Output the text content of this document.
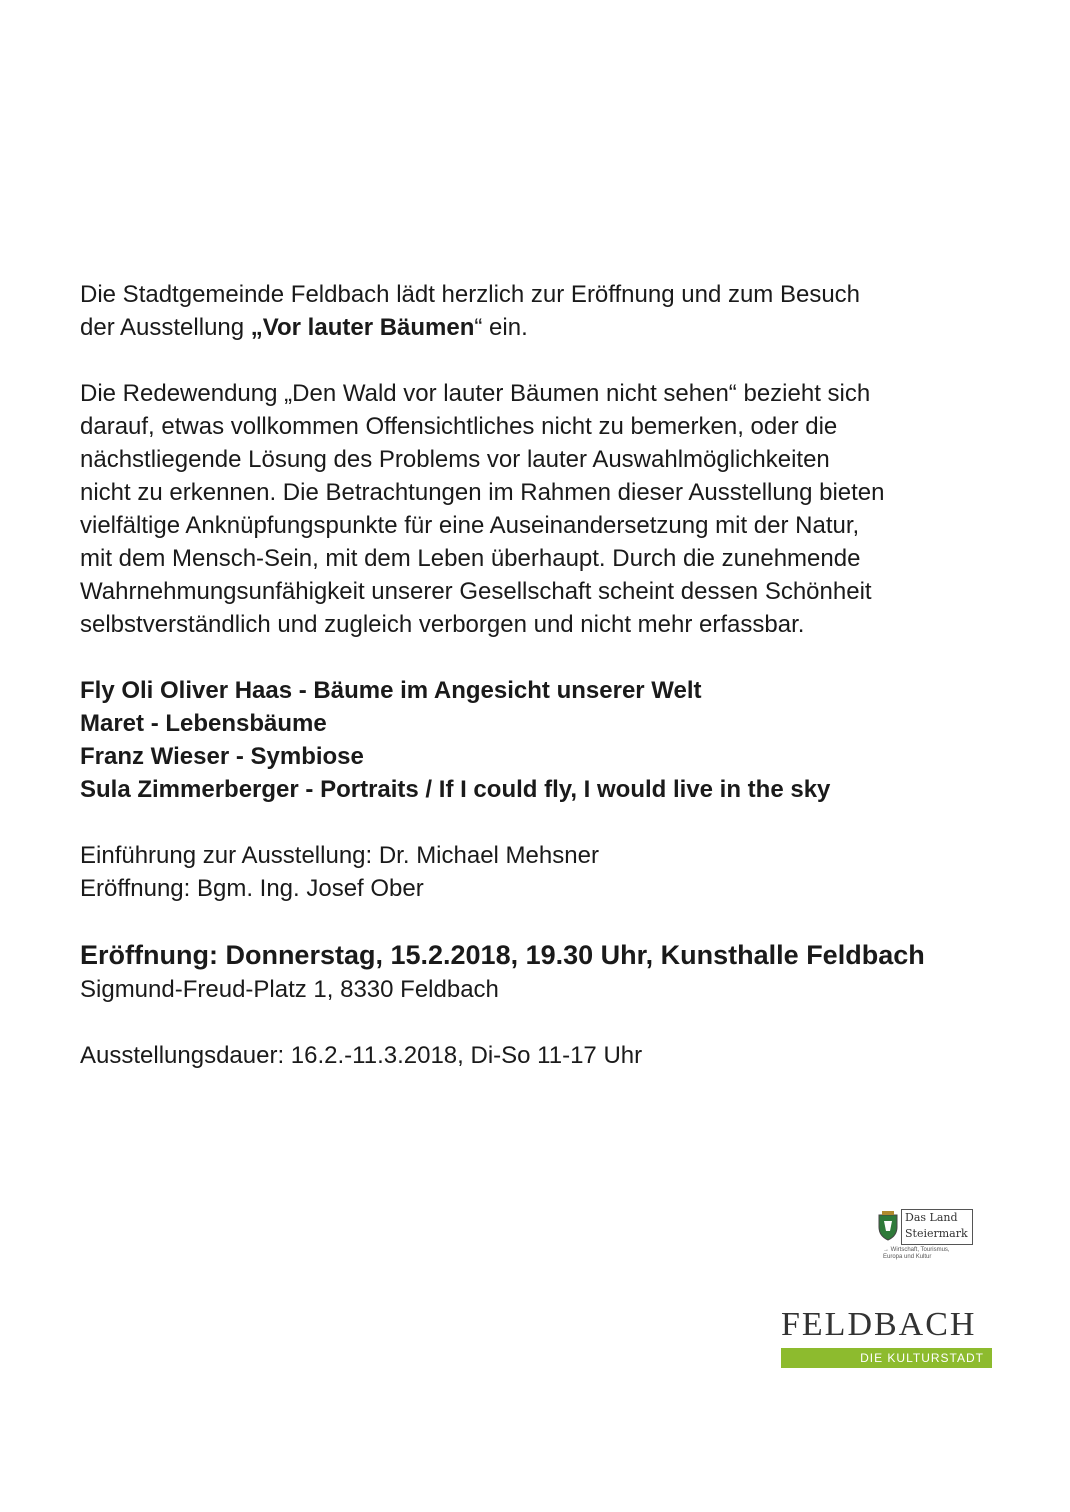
Die Stadtgemeinde Feldbach lädt herzlich zur Eröffnung und zum Besuch

der Ausstellung „Vor lauter Bäumen“ ein.

Die Redewendung „Den Wald vor lauter Bäumen nicht sehen“ bezieht sich

darauf, etwas vollkommen Offensichtliches nicht zu bemerken, oder die

nächstliegende Lösung des Problems vor lauter Auswahlmöglichkeiten

nicht zu erkennen. Die Betrachtungen im Rahmen dieser Ausstellung bieten

vielfältige Anknüpfungspunkte für eine Auseinandersetzung mit der Natur,

mit dem Mensch-Sein, mit dem Leben überhaupt. Durch die zunehmende

Wahrnehmungsunfähigkeit unserer Gesellschaft scheint dessen Schönheit

selbstverständlich und zugleich verborgen und nicht mehr erfassbar.

Fly Oli Oliver Haas - Bäume im Angesicht unserer Welt

Maret - Lebensbäume

Franz Wieser - Symbiose

Sula Zimmerberger - Portraits / If I could fly, I would live in the sky

Einführung zur Ausstellung: Dr. Michael Mehsner

Eröffnung: Bgm. Ing. Josef Ober

Eröffnung: Donnerstag, 15.2.2018, 19.30 Uhr, Kunsthalle Feldbach

Sigmund-Freud-Platz 1, 8330 Feldbach

Ausstellungsdauer: 16.2.-11.3.2018, Di-So 11-17 Uhr

Das Land
Steiermark
→ Wirtschaft, Tourismus,
Europa und Kultur
FELDBACH
DIE KULTURSTADT
